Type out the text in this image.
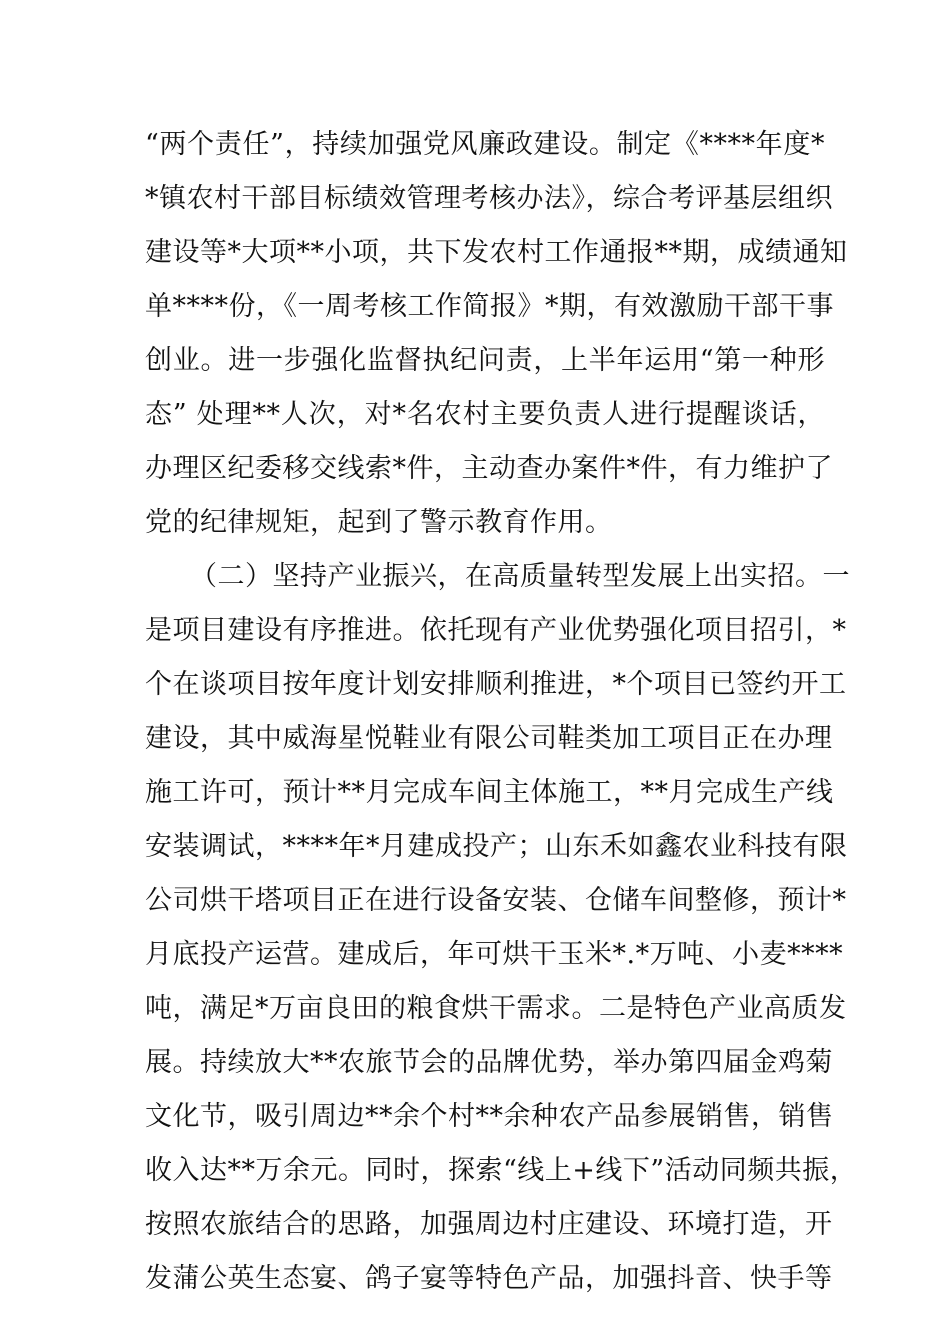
“两个责任”，持续加强党风廉政建设。制定《****年度*
*镇农村干部目标绩效管理考核办法》，综合考评基层组织
建设等*大项**小项，共下发农村工作通报**期，成绩通知
单****份，《一周考核工作简报》*期，有效激励干部干事
创业。进一步强化监督执纪问责，上半年运用“第一种形
态” 处理**人次，对*名农村主要负责人进行提醒谈话，
办理区纪委移交线索*件，主动查办案件*件，有力维护了
党的纪律规矩，起到了警示教育作用。
（二）坚持产业振兴，在高质量转型发展上出实招。一
是项目建设有序推进。依托现有产业优势强化项目招引，*
个在谈项目按年度计划安排顺利推进，*个项目已签约开工
建设，其中威海星悦鞋业有限公司鞋类加工项目正在办理
施工许可，预计**月完成车间主体施工，**月完成生产线
安装调试，****年*月建成投产；山东禾如鑫农业科技有限
公司烘干塔项目正在进行设备安装、仓储车间整修，预计*
月底投产运营。建成后，年可烘干玉米*.*万吨、小麦****
吨，满足*万亩良田的粮食烘干需求。二是特色产业高质发
展。持续放大**农旅节会的品牌优势，举办第四届金鸡菊
文化节，吸引周边**余个村**余种农产品参展销售，销售
收入达**万余元。同时，探索“线上+线下”活动同频共振，
按照农旅结合的思路，加强周边村庄建设、环境打造，开
发蒲公英生态宴、鸽子宴等特色产品，加强抖音、快手等
